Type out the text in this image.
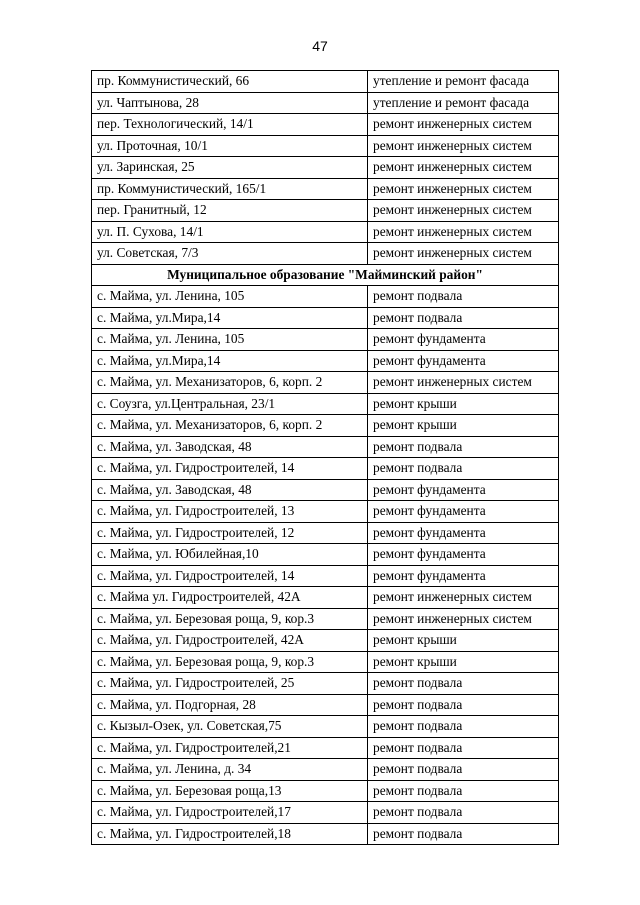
47
пр. Коммунистический, 66	утепление и ремонт фасада
ул. Чаптынова, 28	утепление и ремонт фасада
пер. Технологический, 14/1	ремонт инженерных систем
ул. Проточная, 10/1	ремонт инженерных систем
ул. Заринская, 25	ремонт инженерных систем
пр. Коммунистический, 165/1	ремонт инженерных систем
пер. Гранитный, 12	ремонт инженерных систем
ул. П. Сухова, 14/1	ремонт инженерных систем
ул. Советская, 7/3	ремонт инженерных систем
Муниципальное образование "Майминский район"	
с. Майма, ул. Ленина, 105	ремонт подвала
с. Майма, ул.Мира,14	ремонт подвала
с. Майма, ул. Ленина, 105	ремонт фундамента
с. Майма, ул.Мира,14	ремонт фундамента
с. Майма, ул. Механизаторов, 6, корп. 2	ремонт инженерных систем
с. Соузга, ул.Центральная, 23/1	ремонт крыши
с. Майма, ул. Механизаторов, 6, корп. 2	ремонт крыши
с. Майма, ул. Заводская, 48	ремонт подвала
с. Майма, ул. Гидростроителей, 14	ремонт подвала
с. Майма, ул. Заводская, 48	ремонт фундамента
с. Майма, ул. Гидростроителей, 13	ремонт фундамента
с. Майма, ул. Гидростроителей, 12	ремонт фундамента
с. Майма, ул. Юбилейная,10	ремонт фундамента
с. Майма, ул. Гидростроителей, 14	ремонт фундамента
с. Майма ул. Гидростроителей, 42А	ремонт инженерных систем
с. Майма, ул. Березовая роща, 9, кор.3	ремонт инженерных систем
с. Майма, ул. Гидростроителей, 42А	ремонт крыши
с. Майма, ул. Березовая роща, 9, кор.3	ремонт крыши
с. Майма, ул. Гидростроителей, 25	ремонт подвала
с. Майма, ул. Подгорная, 28	ремонт подвала
с. Кызыл-Озек, ул. Советская,75	ремонт подвала
с. Майма, ул. Гидростроителей,21	ремонт подвала
с. Майма, ул. Ленина, д. 34	ремонт подвала
с. Майма, ул. Березовая роща,13	ремонт подвала
с. Майма, ул. Гидростроителей,17	ремонт подвала
с. Майма, ул. Гидростроителей,18	ремонт подвала
